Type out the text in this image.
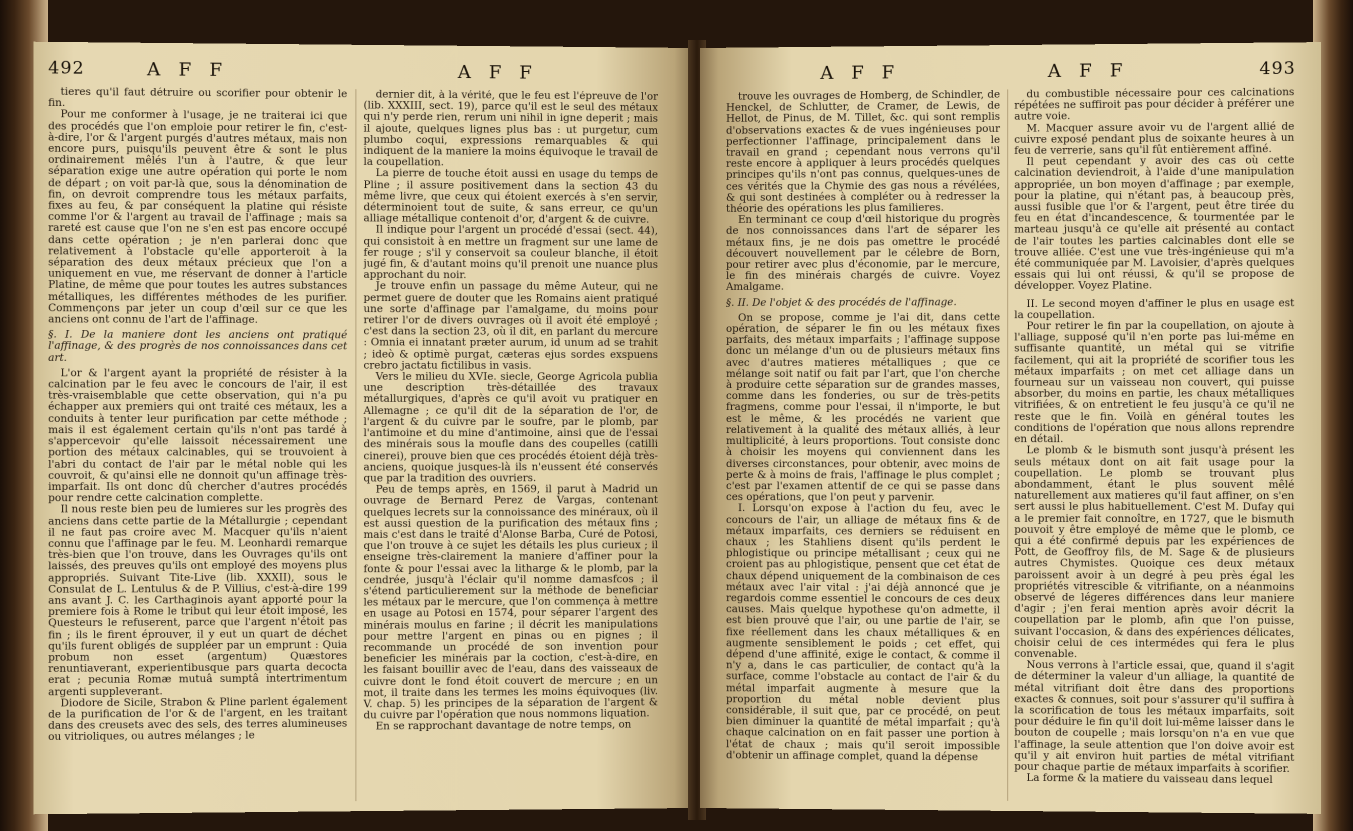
492	A F F	A F F

tieres qu'il faut détruire ou scorifier pour obtenir le fin.

Pour me conformer à l'usage, je ne traiterai ici que des procédés que l'on emploie pour retirer le fin, c'est-à-dire, l'or & l'argent purgés d'autres métaux, mais non encore purs, puisqu'ils peuvent être & sont le plus ordinairement mêlés l'un à l'autre, & que leur séparation exige une autre opération qui porte le nom de départ ; on voit par-là que, sous la dénomination de fin, on devroit comprendre tous les métaux parfaits, fixes au feu, & par conséquent la platine qui résiste comme l'or & l'argent au travail de l'affinage ; mais sa rareté est cause que l'on ne s'en est pas encore occupé dans cette opération ; je n'en parlerai donc que relativement à l'obstacle qu'elle apporteroit à la séparation des deux métaux précieux que l'on a uniquement en vue, me réservant de donner à l'article Platine, de même que pour toutes les autres substances métalliques, les différentes méthodes de les purifier. Commençons par jeter un coup d'œil sur ce que les anciens ont connu de l'art de l'affinage.

§. I. De la maniere dont les anciens ont pratiqué l'affinage, & des progrès de nos connoissances dans cet art.

L'or & l'argent ayant la propriété de résister à la calcination par le feu avec le concours de l'air, il est très-vraisemblable que cette observation, qui n'a pu échapper aux premiers qui ont traité ces métaux, les a conduits à tenter leur purification par cette méthode ; mais il est également certain qu'ils n'ont pas tardé à s'appercevoir qu'elle laissoit nécessairement une portion des métaux calcinables, qui se trouvoient à l'abri du contact de l'air par le métal noble qui les couvroit, & qu'ainsi elle ne donnoit qu'un affinage très-imparfait. Ils ont donc dû chercher d'autres procédés pour rendre cette calcination complette.

Il nous reste bien peu de lumieres sur les progrès des anciens dans cette partie de la Métallurgie ; cependant il ne faut pas croire avec M. Macquer qu'ils n'aient connu que l'affinage par le feu. M. Leonhardi remarque très-bien que l'on trouve, dans les Ouvrages qu'ils ont laissés, des preuves qu'ils ont employé des moyens plus appropriés. Suivant Tite-Live (lib. XXXII), sous le Consulat de L. Lentulus & de P. Villius, c'est-à-dire 199 ans avant J. C. les Carthaginois ayant apporté pour la premiere fois à Rome le tribut qui leur étoit imposé, les Questeurs le refuserent, parce que l'argent n'étoit pas fin ; ils le firent éprouver, il y eut un quart de déchet qu'ils furent obligés de suppléer par un emprunt : Quia probum non esset (argentum) Quæstores renuntiaverant, experientibusque pars quarta decocta erat ; pecunia Romæ mutuâ sumptâ intertrimentum argenti suppleverant.

Diodore de Sicile, Strabon & Pline parlent également de la purification de l'or & de l'argent, en les traitant dans des creusets avec des sels, des terres alumineuses ou vitrioliques, ou autres mélanges ; le

dernier dit, à la vérité, que le feu est l'épreuve de l'or (lib. XXXIII, sect. 19), parce qu'il est le seul des métaux qui n'y perde rien, rerum uni nihil in igne deperit ; mais il ajoute, quelques lignes plus bas : ut purgetur, cum plumbo coqui, expressions remarquables & qui indiquent de la maniere la moins équivoque le travail de la coupellation.

La pierre de touche étoit aussi en usage du temps de Pline ; il assure positivement dans la section 43 du même livre, que ceux qui étoient exercés à s'en servir, déterminoient tout de suite, & sans erreur, ce qu'un alliage métallique contenoit d'or, d'argent & de cuivre.

Il indique pour l'argent un procédé d'essai (sect. 44), qui consistoit à en mettre un fragment sur une lame de fer rouge ; s'il y conservoit sa couleur blanche, il étoit jugé fin, & d'autant moins qu'il prenoit une nuance plus approchant du noir.

Je trouve enfin un passage du même Auteur, qui ne permet guere de douter que les Romains aient pratiqué une sorte d'affinage par l'amalgame, du moins pour retirer l'or de divers ouvrages où il avoit été employé ; c'est dans la section 23, où il dit, en parlant du mercure : Omnia ei innatant præter aurum, id unum ad se trahit ; ideò & optimè purgat, cæteras ejus sordes exspuens crebro jactatu fictilibus in vasis.

Vers le milieu du XVIe. siecle, George Agricola publia une description très-détaillée des travaux métallurgiques, d'après ce qu'il avoit vu pratiquer en Allemagne ; ce qu'il dit de la séparation de l'or, de l'argent & du cuivre par le soufre, par le plomb, par l'antimoine et du mine d'antimoine, ainsi que de l'essai des minérais sous la moufle dans des coupelles (catilli cinerei), prouve bien que ces procédés étoient déjà très-anciens, quoique jusques-là ils n'eussent été conservés que par la tradition des ouvriers.

Peu de temps après, en 1569, il parut à Madrid un ouvrage de Bernard Perez de Vargas, contenant quelques lecrets sur la connoissance des minéraux, où il est aussi question de la purification des métaux fins ; mais c'est dans le traité d'Alonse Barba, Curé de Potosi, que l'on trouve à ce sujet les détails les plus curieux ; il enseigne très-clairement la maniere d'affiner pour la fonte & pour l'essai avec la litharge & le plomb, par la cendrée, jusqu'à l'éclair qu'il nomme damasfcos ; il s'étend particulierement sur la méthode de beneficiar les métaux par le mercure, que l'on commença à mettre en usage au Potosi en 1574, pour séparer l'argent des minérais moulus en farine ; il décrit les manipulations pour mettre l'argent en pinas ou en pignes ; il recommande un procédé de son invention pour beneficier les minérais par la coction, c'est-à-dire, en les faisant bouillir avec de l'eau, dans des vaisseaux de cuivre dont le fond étoit couvert de mercure ; en un mot, il traite dans les termes les moins équivoques (liv. V. chap. 5) les principes de la séparation de l'argent & du cuivre par l'opération que nous nommons liquation.

En se rapprochant davantage de notre temps, on

A F F	A F F	493

trouve les ouvrages de Homberg, de Schindler, de Henckel, de Schlutter, de Cramer, de Lewis, de Hellot, de Pinus, de M. Tillet, &c. qui sont remplis d'observations exactes & de vues ingénieuses pour perfectionner l'affinage, principalement dans le travail en grand ; cependant nous verrons qu'il reste encore à appliquer à leurs procédés quelques principes qu'ils n'ont pas connus, quelques-unes de ces vérités que la Chymie des gas nous a révélées, & qui sont destinées à compléter ou à redresser la théorie des opérations les plus familieres.

En terminant ce coup d'œil historique du progrès de nos connoissances dans l'art de séparer les métaux fins, je ne dois pas omettre le procédé découvert nouvellement par le célebre de Born, pour retirer avec plus d'économie, par le mercure, le fin des minérais chargés de cuivre. Voyez Amalgame.

§. II. De l'objet & des procédés de l'affinage.

On se propose, comme je l'ai dit, dans cette opération, de séparer le fin ou les métaux fixes parfaits, des métaux imparfaits ; l'affinage suppose donc un mélange d'un ou de plusieurs métaux fins avec d'autres matieres métalliques ; que ce mélange soit natif ou fait par l'art, que l'on cherche à produire cette séparation sur de grandes masses, comme dans les fonderies, ou sur de très-petits fragmens, comme pour l'essai, il n'importe, le but est le même, & les procédés ne varient que relativement à la qualité des métaux alliés, à leur multiplicité, à leurs proportions. Tout consiste donc à choisir les moyens qui conviennent dans les diverses circonstances, pour obtenir, avec moins de perte & à moins de frais, l'affinage le plus complet ; c'est par l'examen attentif de ce qui se passe dans ces opérations, que l'on peut y parvenir.

I. Lorsqu'on expose à l'action du feu, avec le concours de l'air, un alliage de métaux fins & de métaux imparfaits, ces derniers se réduisent en chaux ; les Stahliens disent qu'ils perdent le phlogistique ou principe métallisant ; ceux qui ne croient pas au phlogistique, pensent que cet état de chaux dépend uniquement de la combinaison de ces métaux avec l'air vital : j'ai déjà annoncé que je regardois comme essentiel le concours de ces deux causes. Mais quelque hypothese qu'on admette, il est bien prouvé que l'air, ou une partie de l'air, se fixe réellement dans les chaux métalliques & en augmente sensiblement le poids ; cet effet, qui dépend d'une affinité, exige le contact, & comme il n'y a, dans le cas particulier, de contact qu'à la surface, comme l'obstacle au contact de l'air & du métal imparfait augmente à mesure que la proportion du métal noble devient plus considérable, il suit que, par ce procédé, on peut bien diminuer la quantité de métal imparfait ; qu'à chaque calcination on en fait passer une portion à l'état de chaux ; mais qu'il seroit impossible d'obtenir un affinage complet, quand la dépense

du combustible nécessaire pour ces calcinations répétées ne suffiroit pas pour décider à préférer une autre voie.

M. Macquer assure avoir vu de l'argent allié de cuivre exposé pendant plus de soixante heures à un feu de verrerie, sans qu'il fût entièrement affiné.

Il peut cependant y avoir des cas où cette calcination deviendroit, à l'aide d'une manipulation appropriée, un bon moyen d'affinage ; par exemple, pour la platine, qui n'étant pas, à beaucoup près, aussi fusible que l'or & l'argent, peut être tirée du feu en état d'incandescence, & tourmentée par le marteau jusqu'à ce qu'elle ait présenté au contact de l'air toutes les parties calcinables dont elle se trouve alliée. C'est une vue très-ingénieuse qui m'a été communiquée par M. Lavoisier, d'après quelques essais qui lui ont réussi, & qu'il se propose de développer. Voyez Platine.

II. Le second moyen d'affiner le plus en usage est la coupellation.

Pour retirer le fin par la coupellation, on ajoute à l'alliage, supposé qu'il n'en porte pas lui-même en suffisante quantité, un métal qui se vitrifie facilement, qui ait la propriété de scorifier tous les métaux imparfaits ; on met cet alliage dans un fourneau sur un vaisseau non couvert, qui puisse absorber, du moins en partie, les chaux métalliques vitrifiées, & on entretient le feu jusqu'à ce qu'il ne reste que le fin. Voilà en général toutes les conditions de l'opération que nous allons reprendre en détail.

Le plomb & le bismuth sont jusqu'à présent les seuls métaux dont on ait fait usage pour la coupellation. Le plomb se trouvant plus abondamment, étant le plus souvent mêlé naturellement aux matieres qu'il faut affiner, on s'en sert aussi le plus habituellement. C'est M. Dufay qui a le premier fait connoître, en 1727, que le bismuth pouvoit y être employé de même que le plomb, ce qui a été confirmé depuis par les expériences de Pott, de Geoffroy fils, de M. Sage & de plusieurs autres Chymistes. Quoique ces deux métaux paroissent avoir à un degré à peu près égal les propriétés vitrescible & vitrifiante, on a néanmoins observé de légeres différences dans leur maniere d'agir ; j'en ferai mention après avoir décrit la coupellation par le plomb, afin que l'on puisse, suivant l'occasion, & dans des expériences délicates, choisir celui de ces intermédes qui fera le plus convenable.

Nous verrons à l'article essai, que, quand il s'agit de déterminer la valeur d'un alliage, la quantité de métal vitrifiant doit être dans des proportions exactes & connues, soit pour s'assurer qu'il suffira à la scorification de tous les métaux imparfaits, soit pour déduire le fin qu'il doit lui-même laisser dans le bouton de coupelle ; mais lorsqu'on n'a en vue que l'affinage, la seule attention que l'on doive avoir est qu'il y ait environ huit parties de métal vitrifiant pour chaque partie de métaux imparfaits à scorifier.

La forme & la matiere du vaisseau dans lequel
